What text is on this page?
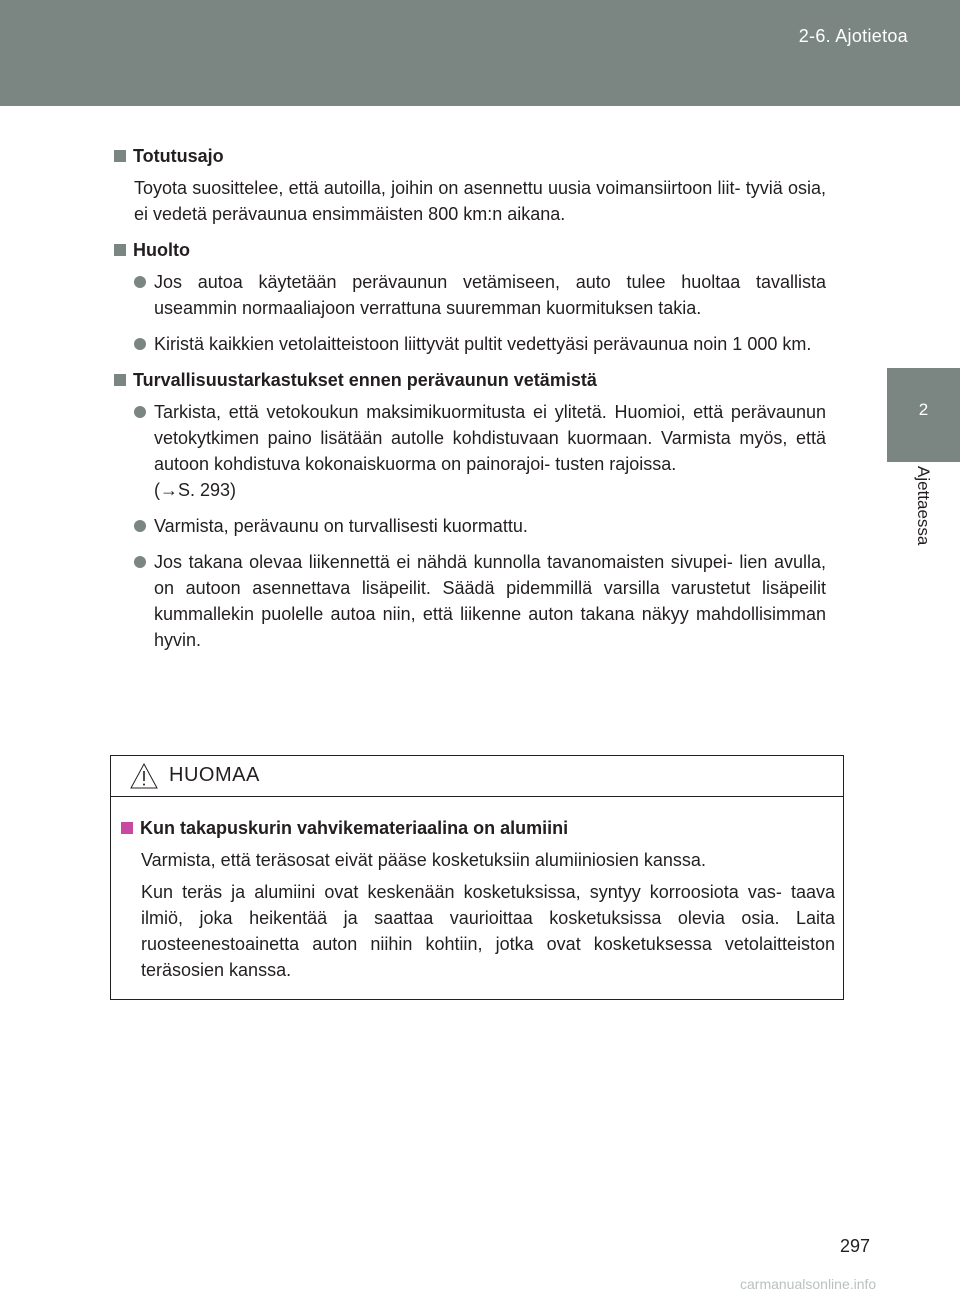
2-6. Ajotietoa
2
Ajettaessa
Totutusajo
Toyota suosittelee, että autoilla, joihin on asennettu uusia voimansiirtoon liit- tyviä osia, ei vedetä perävaunua ensimmäisten 800 km:n aikana.
Huolto
Jos autoa käytetään perävaunun vetämiseen, auto tulee huoltaa tavallista useammin normaaliajoon verrattuna suuremman kuormituksen takia.
Kiristä kaikkien vetolaitteistoon liittyvät pultit vedettyäsi perävaunua noin 1 000 km.
Turvallisuustarkastukset ennen perävaunun vetämistä
Tarkista, että vetokoukun maksimikuormitusta ei ylitetä. Huomioi, että perävaunun vetokytkimen paino lisätään autolle kohdistuvaan kuormaan. Varmista myös, että autoon kohdistuva kokonaiskuorma on painorajoi- tusten rajoissa.
(→S. 293)
Varmista, perävaunu on turvallisesti kuormattu.
Jos takana olevaa liikennettä ei nähdä kunnolla tavanomaisten sivupei- lien avulla, on autoon asennettava lisäpeilit. Säädä pidemmillä varsilla varustetut lisäpeilit kummallekin puolelle autoa niin, että liikenne auton takana näkyy mahdollisimman hyvin.
HUOMAA
Kun takapuskurin vahvikemateriaalina on alumiini
Varmista, että teräsosat eivät pääse kosketuksiin alumiiniosien kanssa.
Kun teräs ja alumiini ovat keskenään kosketuksissa, syntyy korroosiota vas- taava ilmiö, joka heikentää ja saattaa vaurioittaa kosketuksissa olevia osia. Laita ruosteenestoainetta auton niihin kohtiin, jotka ovat kosketuksessa vetolaitteiston teräsosien kanssa.
297
carmanualsonline.info
